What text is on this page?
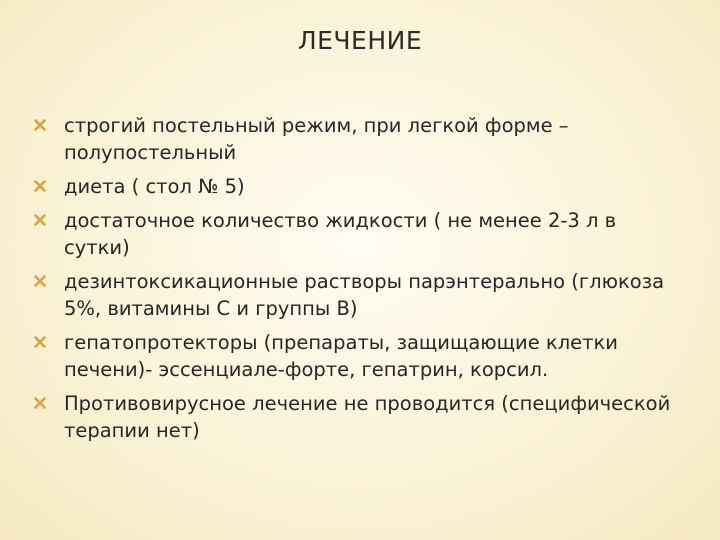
ЛЕЧЕНИЕ
строгий постельный режим, при легкой форме – полупостельный
диета ( стол № 5)
достаточное количество жидкости ( не менее 2-3 л в сутки)
дезинтоксикационные растворы парэнтерально (глюкоза 5%, витамины С и группы В)
гепатопротекторы (препараты, защищающие клетки печени)- эссенциале-форте, гепатрин, корсил.
Противовирусное лечение не проводится (специфической терапии нет)
